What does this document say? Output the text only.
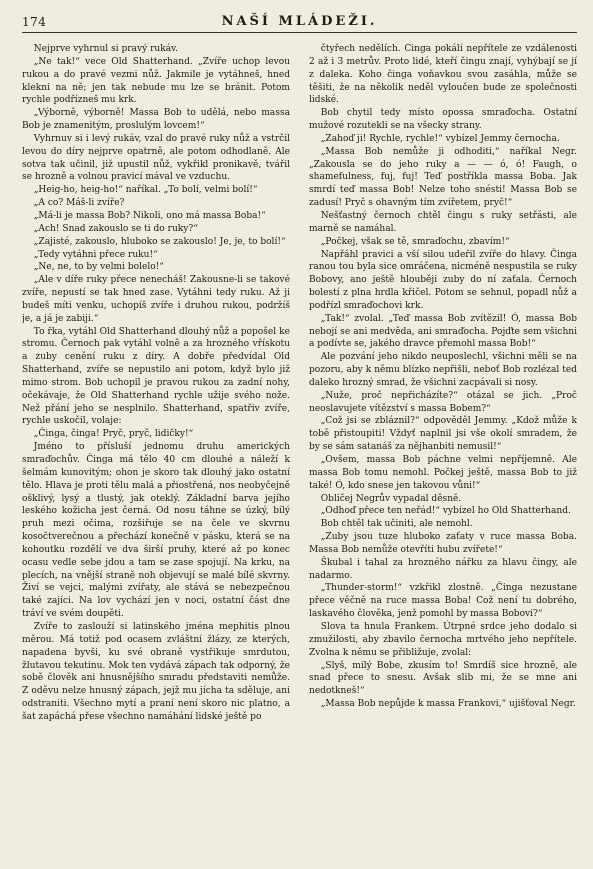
174	NAŠÍ MLÁDEŽI.

Nejprve vyhrnul si pravý rukáv.

„Ne tak!“ vece Old Shatterhand. „Zvíře uchop levou rukou a do pravé vezmi nůž. Jakmile je vytáhneš, hned klekni na ně; jen tak nebude mu lze se bránit. Potom rychle podřízneš mu krk.

„Výborně, výborně! Massa Bob to udělá, nebo massa Bob je znamenitým, proslulým lovcem!“

Vyhrnuv si i levý rukáv, vzal do pravé ruky nůž a vstrčil levou do díry nejprve opatrně, ale potom odhodlaně. Ale sotva tak učinil, již upustil nůž, vykřikl pronikavě, tvářil se hrozně a volnou pravicí mával ve vzduchu.

„Heig-ho, heig-ho!“ naříkal. „To bolí, velmi bolí!“

„A co? Máš-li zvíře?

„Má-li je massa Bob? Nikoli, ono má massa Boba!“

„Ach! Snad zakouslo se ti do ruky?“

„Zajisté, zakouslo, hluboko se zakouslo! Je, je, to bolí!“

„Tedy vytáhni přece ruku!“

„Ne, ne, to by velmi bolelo!“

„Ale v díře ruky přece nenecháš! Zakousne-li se takové zvíře, nepustí se tak hned zase. Vytáhni tedy ruku. Až ji budeš míti venku, uchopíš zvíře i druhou rukou, podržíš je, a já je zabiji.“

To řka, vytáhl Old Shatterhand dlouhý nůž a popošel ke stromu. Černoch pak vytáhl volně a za hrozného vřískotu a zuby cenění ruku z díry. A dobře předvídal Old Shatterhand, zvíře se nepustilo ani potom, když bylo již mimo strom. Bob uchopil je pravou rukou za zadní nohy, očekávaje, že Old Shatterhand rychle užije svého nože. Než přání jeho se nesplnilo. Shatterhand, spatřiv zvíře, rychle uskočil, volaje:

„Činga, činga! Pryč, pryč, lidičky!“

Jméno to přísluší jednomu druhu amerických smraďochův. Činga má tělo 40 cm dlouhé a náleží k šelmám kunovitým; ohon je skoro tak dlouhý jako ostatní tělo. Hlava je proti tělu malá a přiostřená, nos neobyčejně ošklivý, lysý a tlustý, jak oteklý. Základní barva jejího leského kožicha jest černá. Od nosu táhne se úzký, bílý pruh mezi očima, rozšiřuje se na čele ve skvrnu kosočtverečnou a přechází konečně v pásku, která se na kohoutku rozdělí ve dva širší pruhy, které až po konec ocasu vedle sebe jdou a tam se zase spojují. Na krku, na plecích, na vnější straně noh objevují se malé bílé skvrny. Živí se vejci, malými zvířaty, ale stává se nebezpečnou také zajíci. Na lov vychází jen v noci, ostatní část dne tráví ve svém doupěti.

Zvíře to zaslouží si latinského jména mephitis plnou měrou. Má totiž pod ocasem zvláštní žlázy, ze kterých, napadena byvši, ku své obraně vystřikuje smrdutou, žlutavou tekutinu. Mok ten vydává zápach tak odporný, že sobě člověk ani hnusnějšího smradu představiti nemůže. Z oděvu nelze hnusný zápach, jejž mu jícha ta sděluje, ani odstraniti. Všechno mytí a praní není skoro nic platno, a šat zapáchá přese všechno namáhání lidské ještě po

čtyřech nedělích. Činga pokálí nepřítele ze vzdálenosti 2 až i 3 metrův. Proto lidé, kteří čingu znají, vyhýbají se jí z daleka. Koho činga voňavkou svou zasáhla, může se těšiti, že na několik neděl vyloučen bude ze společnosti lidské.

Bob chytil tedy místo opossa smraďocha. Ostatní mužové rozutekli se na všecky strany.

„Zahoď ji! Rychle, rychle!“ vybízel Jemmy černocha.

„Massa Bob nemůže ji odhoditi,“ naříkal Negr. „Zakousla se do jeho ruky a — — ó, ó! Faugh, o shamefulness, fuj, fuj! Teď postříkla massa Boba. Jak smrdí teď massa Bob! Nelze toho snésti! Massa Bob se zadusí! Pryč s ohavným tím zvířetem, pryč!“

Nešťastný černoch chtěl čingu s ruky setřásti, ale marně se namáhal.

„Počkej, však se tě, smraďochu, zbavím!“

Napřáhl pravici a vší silou udeřil zvíře do hlavy. Činga ranou tou byla sice omráčena, nicméně nespustila se ruky Bobovy, ano ještě hlouběji zuby do ní zaťala. Černoch bolestí z plna hrdla křičel. Potom se sehnul, popadl nůž a podřízl smraďochovi krk.

„Tak!“ zvolal. „Teď massa Bob zvítězil! Ó, massa Bob nebojí se ani medvěda, ani smraďocha. Pojďte sem všichni a podívte se, jakého dravce přemohl massa Bob!“

Ale pozvání jeho nikdo neuposlechl, všichni měli se na pozoru, aby k němu blízko nepřišli, neboť Bob rozlézal teď daleko hrozný smrad, že všichni zacpávali si nosy.

„Nuže, proč nepřicházíte?“ otázal se jich. „Proč neoslavujete vítězství s massa Bobem?“

„Což jsi se zbláznil?“ odpověděl Jemmy. „Kdož může k tobě přistoupiti! Vždyť naplnil jsi vše okolí smradem, že by se sám satanáš za nějhanbiti nemusil!“

„Ovšem, massa Bob páchne velmi nepříjemně. Ale massa Bob tomu nemohl. Počkej ještě, massa Bob to již také! Ó, kdo snese jen takovou vůni!“

Obličej Negrův vypadal děsně.

„Odhoď přece ten neřád!“ vybízel ho Old Shatterhand.

Bob chtěl tak učiniti, ale nemohl.

„Zuby jsou tuze hluboko zaťaty v ruce massa Boba. Massa Bob nemůže otevříti hubu zvířete!“

Škubal i tahal za hrozného nářku za hlavu čingy, ale nadarmo.

„Thunder-storm!“ vzkřikl zlostně. „Činga nezustane přece věčně na ruce massa Boba! Což není tu dobrého, laskavého člověka, jenž pomohl by massa Bobovi?“

Slova ta hnula Frankem. Útrpné srdce jeho dodalo si zmužilosti, aby zbavilo černocha mrtvého jeho nepřítele. Zvolna k němu se přibližuje, zvolal:

„Slyš, milý Bobe, zkusím to! Smrdíš sice hrozně, ale snad přece to snesu. Avšak slib mi, že se mne ani nedotkneš!“

„Massa Bob nepůjde k massa Frankovi,“ ujišťoval Negr.
